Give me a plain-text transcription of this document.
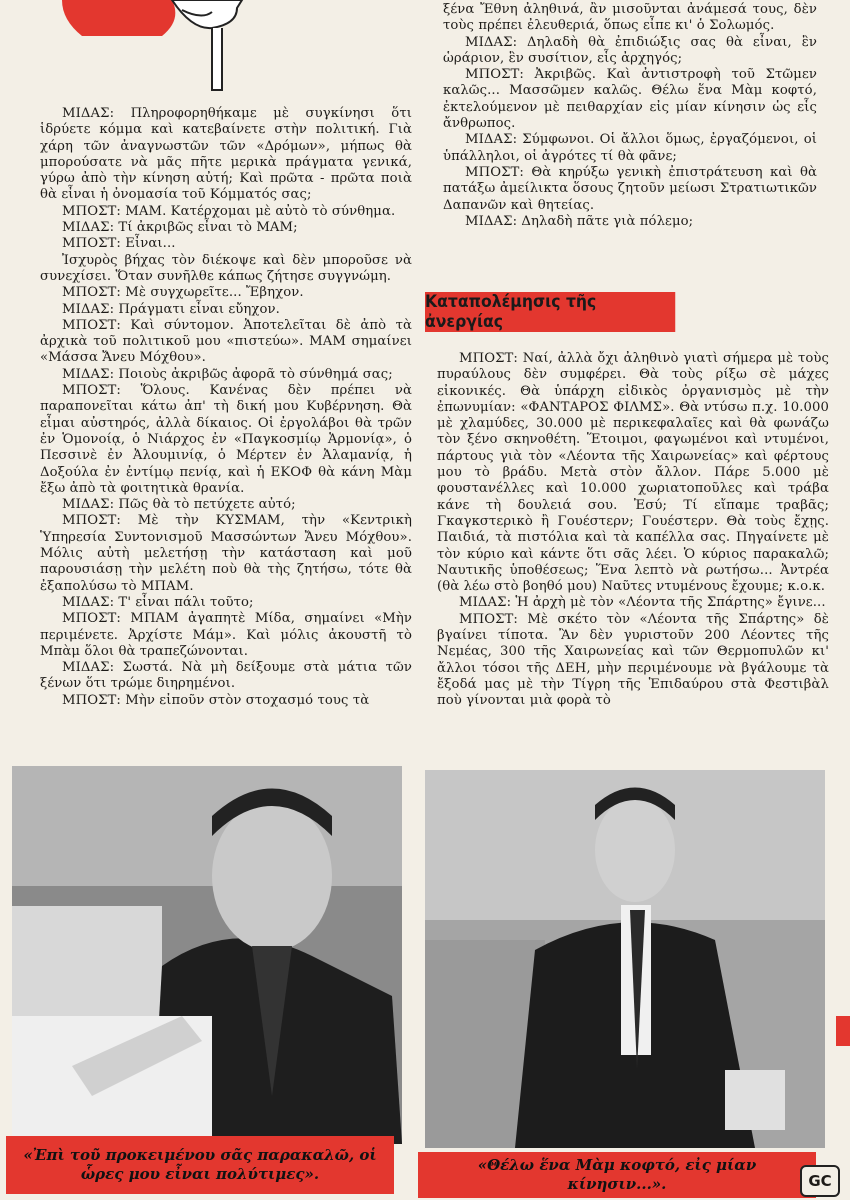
ΜΙΔΑΣ: Πληροφορηθήκαμε μὲ συγκίνησι ὅτι ἱδρύετε κόμμα καὶ κατεβαίνετε στὴν πολιτική. Γιὰ χάρη τῶν ἀναγνωστῶν τῶν «Δρόμων», μήπως θὰ μπορούσατε νὰ μᾶς πῆτε μερικὰ πράγματα γενικά, γύρω ἀπὸ τὴν κίνηση αὐτή; Καὶ πρῶτα - πρῶτα ποιὰ θὰ εἶναι ἡ ὀνομασία τοῦ Κόμματός σας;

ΜΠΟΣΤ: ΜΑΜ. Κατέρχομαι μὲ αὐτὸ τὸ σύνθημα.

ΜΙΔΑΣ: Τί ἀκριβῶς εἶναι τὸ ΜΑΜ;

ΜΠΟΣΤ: Εἶναι...

Ἰσχυρὸς βήχας τὸν διέκοψε καὶ δὲν μποροῦσε νὰ συνεχίσει. Ὅταν συνῆλθε κάπως ζήτησε συγγνώμη.

ΜΠΟΣΤ: Μὲ συγχωρεῖτε... Ἔβηχον.

ΜΙΔΑΣ: Πράγματι εἶναι εὔηχον.

ΜΠΟΣΤ: Καὶ σύντομον. Ἀποτελεῖται δὲ ἀπὸ τὰ ἀρχικὰ τοῦ πολιτικοῦ μου «πιστεύω». ΜΑΜ σημαίνει «Μάσσα Ἄνευ Μόχθου».

ΜΙΔΑΣ: Ποιοὺς ἀκριβῶς ἀφορᾶ τὸ σύνθημά σας;

ΜΠΟΣΤ: Ὅλους. Κανένας δὲν πρέπει νὰ παραπονεῖται κάτω ἀπ' τὴ δική μου Κυβέρνηση. Θὰ εἶμαι αὐστηρός, ἀλλὰ δίκαιος. Οἱ ἐργολάβοι θὰ τρῶν ἐν Ὁμονοίᾳ, ὁ Νιάρχος ἐν «Παγκοσμίῳ Ἁρμονίᾳ», ὁ Πεσσινὲ ἐν Ἀλουμινίᾳ, ὁ Μέρτεν ἐν Ἀλαμανίᾳ, ἡ Δοξούλα ἐν ἐντίμῳ πενίᾳ, καὶ ἡ ΕΚΟΦ θὰ κάνη Μὰμ ἔξω ἀπὸ τὰ φοιτητικὰ θρανία.

ΜΙΔΑΣ: Πῶς θὰ τὸ πετύχετε αὐτό;

ΜΠΟΣΤ: Μὲ τὴν ΚΥΣΜΑΜ, τὴν «Κεντρικὴ Ὑπηρεσία Συντονισμοῦ Μασσώντων Ἄνευ Μόχθου». Μόλις αὐτὴ μελετήσῃ τὴν κατάσταση καὶ μοῦ παρουσιάσῃ τὴν μελέτη ποὺ θὰ τὴς ζητήσω, τότε θὰ ἐξαπολύσω τὸ ΜΠΑΜ.

ΜΙΔΑΣ: Τ' εἶναι πάλι τοῦτο;

ΜΠΟΣΤ: ΜΠΑΜ ἀγαπητὲ Μίδα, σημαίνει «Μὴν περιμένετε. Ἀρχίστε Μάμ». Καὶ μόλις ἀκουστῆ τὸ Μπὰμ ὅλοι θὰ τραπεζώνονται.

ΜΙΔΑΣ: Σωστά. Νὰ μὴ δείξουμε στὰ μάτια τῶν ξένων ὅτι τρώμε διηρημένοι.

ΜΠΟΣΤ: Μὴν εἰποῦν στὸν στοχασμό τους τὰ

ξένα Ἔθνη ἀληθινά, ἂν μισοῦνται ἀνάμεσά τους, δὲν τοὺς πρέπει ἐλευθεριά, ὅπως εἶπε κι' ὁ Σολωμός.

ΜΙΔΑΣ: Δηλαδὴ θὰ ἐπιδιώξις σας θὰ εἶναι, ἓν ὡράριον, ἓν συσίτιον, εἷς ἀρχηγός;

ΜΠΟΣΤ: Ἀκριβῶς. Καὶ ἀντιστροφὴ τοῦ Στῶμεν καλῶς... Μασσῶμεν καλῶς. Θέλω ἕνα Μὰμ κοφτό, ἐκτελούμενον μὲ πειθαρχίαν εἰς μίαν κίνησιν ὡς εἷς ἄνθρωπος.

ΜΙΔΑΣ: Σύμφωνοι. Οἱ ἄλλοι ὅμως, ἐργαζόμενοι, οἱ ὑπάλληλοι, οἱ ἀγρότες τί θὰ φᾶνε;

ΜΠΟΣΤ: Θὰ κηρύξω γενικὴ ἐπιστράτευση καὶ θὰ πατάξω ἀμείλικτα ὅσους ζητοῦν μείωσι Στρατιωτικῶν Δαπανῶν καὶ θητείας.

ΜΙΔΑΣ: Δηλαδὴ πᾶτε γιὰ πόλεμο;

Καταπολέμησις τῆς ἀνεργίας

ΜΠΟΣΤ: Ναί, ἀλλὰ ὄχι ἀληθινὸ γιατὶ σήμερα μὲ τοὺς πυραύλους δὲν συμφέρει. Θὰ τοὺς ρίξω σὲ μάχες εἰκονικές. Θὰ ὑπάρχη εἰδικὸς ὀργανισμὸς μὲ τὴν ἐπωνυμίαν: «ΦΑΝΤΑΡΟΣ ΦΙΛΜΣ». Θὰ ντύσω π.χ. 10.000 μὲ χλαμύδες, 30.000 μὲ περικεφαλαῖες καὶ θὰ φωνάζω τὸν ξένο σκηνοθέτη. Ἕτοιμοι, φαγωμένοι καὶ ντυμένοι, πάρτους γιὰ τὸν «Λέοντα τῆς Χαιρωνείας» καὶ φέρτους μου τὸ βράδυ. Μετὰ στὸν ἄλλον. Πάρε 5.000 μὲ φουστανέλλες καὶ 10.000 χωριατοποῦλες καὶ τράβα κάνε τὴ δουλειά σου. Ἐσύ; Τί εἴπαμε τραβᾶς; Γκαγκστερικὸ ἢ Γουέστερν; Γουέστερν. Θὰ τοὺς ἔχῃς. Παιδιά, τὰ πιστόλια καὶ τὰ καπέλλα σας. Πηγαίνετε μὲ τὸν κύριο καὶ κάντε ὅτι σᾶς λέει. Ὁ κύριος παρακαλῶ; Ναυτικῆς ὑποθέσεως; Ἕνα λεπτὸ νὰ ρωτήσω... Ἀντρέα (θὰ λέω στὸ βοηθό μου) Ναῦτες ντυμένους ἔχουμε; κ.ο.κ.

ΜΙΔΑΣ: Ἡ ἀρχὴ μὲ τὸν «Λέοντα τῆς Σπάρτης» ἔγινε...

ΜΠΟΣΤ: Μὲ σκέτο τὸν «Λέοντα τῆς Σπάρτης» δὲ βγαίνει τίποτα. Ἂν δὲν γυριστοῦν 200 Λέοντες τῆς Νεμέας, 300 τῆς Χαιρωνείας καὶ τῶν Θερμοπυλῶν κι' ἄλλοι τόσοι τῆς ΔΕΗ, μὴν περιμένουμε νὰ βγάλουμε τὰ ἔξοδά μας μὲ τὴν Τίγρη τῆς Ἐπιδαύρου στὰ Φεστιβὰλ ποὺ γίνονται μιὰ φορὰ τὸ

«Ἐπὶ τοῦ προκειμένου σᾶς παρακαλῶ, οἱ ὧρες μου εἶναι πολύτιμες».	«Θέλω ἕνα Μὰμ κοφτό, εἰς μίαν κίνησιν...».	GC
